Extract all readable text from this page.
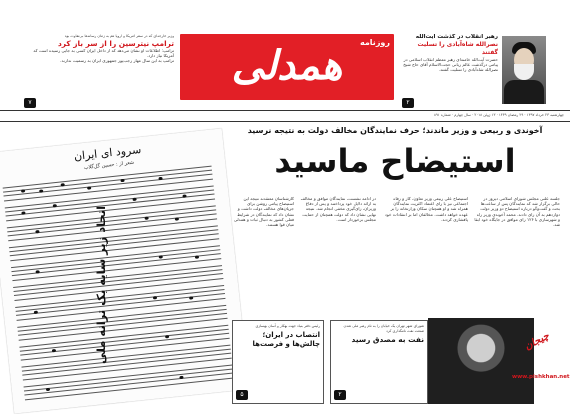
رهبر انقلاب در گذشت آیت‌الله
نصرالله شاه‌آبادی را تسلیت گفتند
حضرت آیت‌الله خامنه‌ای رهبر معظم انقلاب اسلامی در پیامی درگذشت عالم ربانی حجت‌الاسلام آقای حاج شیخ نصرالله شاه‌آبادی را تسلیت گفتند.
۲
همدلی	روزنامه
وزیر خارجه‌ای که در سفر آمریکا و اروپا هم به زمان رسانه‌ها بی‌تفاوت بود
ترامپ نیترسین را از سر باز کرد
ترامپ: اطلاعات او نشان می‌دهد که از داخل ایران کسی به جایی رسیده است که آمریکا نیاز دارد.
ترامپ به این سال مهار رجب‌پور جمهوری ایران به رسمیت ندارند.
۷
چهارشنبه ۲۳ خرداد ۱۳۹۷ · ۲۹ رمضان ۱۴۳۹ · ۱۳ ژوئن ۲۰۱۸ · سال چهارم · شماره ۸۹۱
آخوندی و ربیعی و وزیر ماندند؛ حرف نمایندگان مخالف دولت به نتیجه نرسید
استیضاح ماسید
جلسه علنی مجلس شورای اسلامی دیروز در حالی برگزار شد که نمایندگان پس از ساعت‌ها بحث و گفت‌وگو درباره استیضاح دو وزیر دولت دوازدهم به آن رای دادند. محمد آخوندی وزیر راه و شهرسازی با ۱۲۶ رای موافق در جایگاه خود ابقا شد.
استیضاح علی ربیعی وزیر تعاون، کار و رفاه اجتماعی نیز با رای اعتماد اکثریت نمایندگان همراه شد و او همچنان سکان وزارتخانه را بر عهده خواهد داشت. مخالفان اما بر انتقادات خود پافشاری کردند.
در ادامه نشست، نمایندگان موافق و مخالف به ارائه دلایل خود پرداختند و پس از دفاع وزیران، رای‌گیری مخفی انجام شد. نتیجه نهایی نشان داد که دولت همچنان از حمایت مجلس برخوردار است.
کارشناسان معتقدند نتیجه این استیضاح پیامی روشن برای جریان‌های مخالف دولت داشت و نشان داد که نمایندگان در شرایط فعلی کشور به دنبال ثبات و همدلی میان قوا هستند.
سرود ای ایران
شعر از : حسین گل‌گلاب
اتحاد زیر سایه یک ترانه ملی	رئیس دفتر بنیاد جهت بهکار و آسان بهسازی
انتصاب در ایران؛ چالش‌ها و فرصت‌ها
۵
شورای شهر تهران یک خیابان را به نام رهبر ملی شدن صنعت نفت نامگذاری کرد
نفت به مصدق رسید
۲
چیجان
www.pishkhan.net
